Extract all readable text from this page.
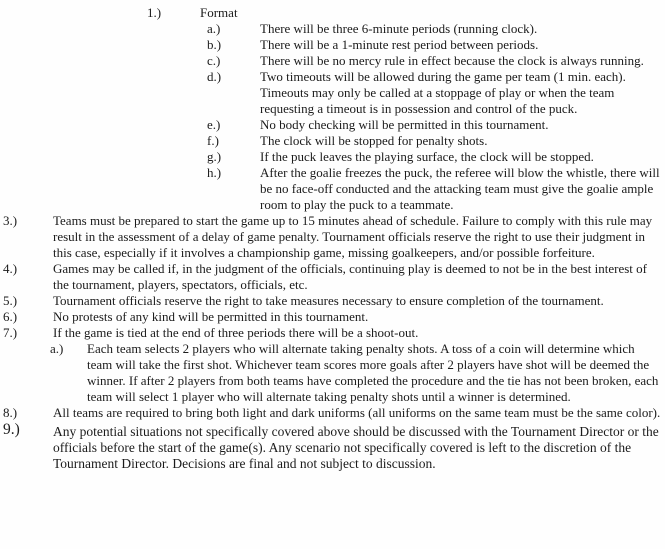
1.)	Format
a.)	There will be three 6-minute periods (running clock).
b.)	There will be a 1-minute rest period between periods.
c.)	There will be no mercy rule in effect because the clock is always running.
d.)	Two timeouts will be allowed during the game per team (1 min. each). Timeouts may only be called at a stoppage of play or when the team requesting a timeout is in possession and control of the puck.
e.)	No body checking will be permitted in this tournament.
f.)	The clock will be stopped for penalty shots.
g.)	If the puck leaves the playing surface, the clock will be stopped.
h.)	After the goalie freezes the puck, the referee will blow the whistle, there will be no face-off conducted and the attacking team must give the goalie ample room to play the puck to a teammate.
3.)	Teams must be prepared to start the game up to 15 minutes ahead of schedule. Failure to comply with this rule may result in the assessment of a delay of game penalty. Tournament officials reserve the right to use their judgment in this case, especially if it involves a championship game, missing goalkeepers, and/or possible forfeiture.
4.)	Games may be called if, in the judgment of the officials, continuing play is deemed to not be in the best interest of the tournament, players, spectators, officials, etc.
5.)	Tournament officials reserve the right to take measures necessary to ensure completion of the tournament.
6.)	No protests of any kind will be permitted in this tournament.
7.)	If the game is tied at the end of three periods there will be a shoot-out.
a.) Each team selects 2 players who will alternate taking penalty shots. A toss of a coin will determine which team will take the first shot. Whichever team scores more goals after 2 players have shot will be deemed the winner. If after 2 players from both teams have completed the procedure and the tie has not been broken, each team will select 1 player who will alternate taking penalty shots until a winner is determined.
8.)	All teams are required to bring both light and dark uniforms (all uniforms on the same team must be the same color).
9.) Any potential situations not specifically covered above should be discussed with the Tournament Director or the officials before the start of the game(s). Any scenario not specifically covered is left to the discretion of the Tournament Director. Decisions are final and not subject to discussion.
